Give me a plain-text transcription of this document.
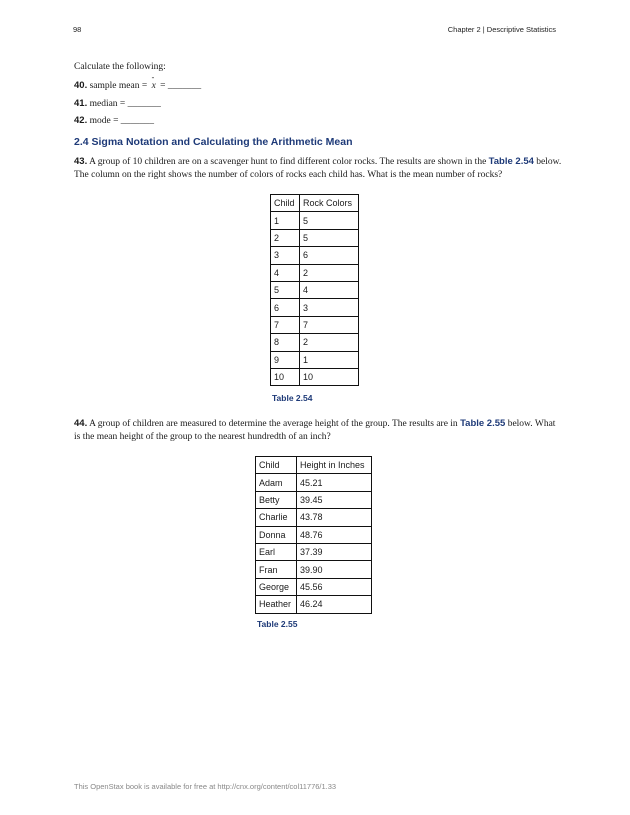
98	Chapter 2 | Descriptive Statistics
Calculate the following:
40. sample mean = - x = _______
41. median = _______
42. mode = _______
2.4 Sigma Notation and Calculating the Arithmetic Mean
43. A group of 10 children are on a scavenger hunt to find different color rocks. The results are shown in the Table 2.54 below. The column on the right shows the number of colors of rocks each child has. What is the mean number of rocks?
Child	Rock Colors
1	5
2	5
3	6
4	2
5	4
6	3
7	7
8	2
9	1
10	10
Table 2.54
44. A group of children are measured to determine the average height of the group. The results are in Table 2.55 below. What is the mean height of the group to the nearest hundredth of an inch?
Child	Height in Inches
Adam	45.21
Betty	39.45
Charlie	43.78
Donna	48.76
Earl	37.39
Fran	39.90
George	45.56
Heather	46.24
Table 2.55
This OpenStax book is available for free at http://cnx.org/content/col11776/1.33
